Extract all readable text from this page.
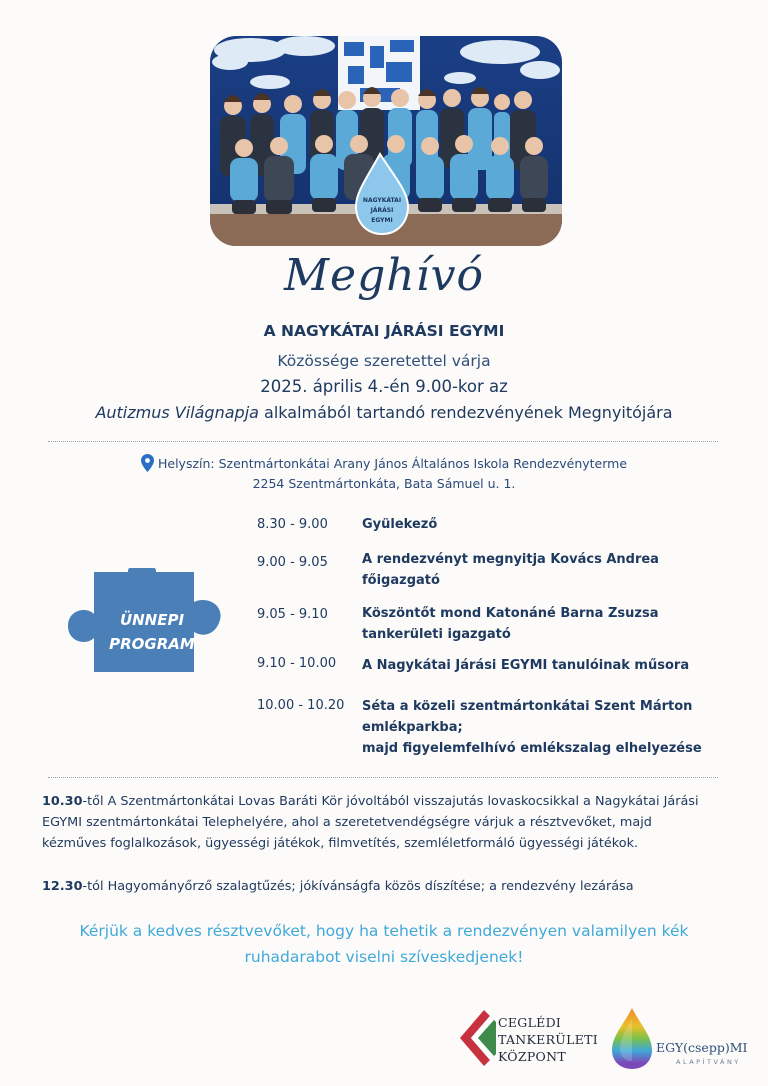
NAGYKÁTAI
JÁRÁSI
EGYMI
Meghívó
A NAGYKÁTAI JÁRÁSI EGYMI
Közössége szeretettel várja
2025. április 4.-én 9.00-kor az
Autizmus Világnapja alkalmából tartandó rendezvényének Megnyitójára
Helyszín: Szentmártonkátai Arany János Általános Iskola Rendezvényterme
2254 Szentmártonkáta, Bata Sámuel u. 1.
ÜNNEPI
PROGRAM
8.30 - 9.00	Gyülekező
9.00 - 9.05	A rendezvényt megnyitja Kovács Andrea
főigazgató
9.05 - 9.10	Köszöntőt mond Katonáné Barna Zsuzsa
tankerületi igazgató
9.10 - 10.00 A Nagykátai Járási EGYMI tanulóinak műsora
10.00 - 10.20 Séta a közeli szentmártonkátai Szent Márton
emlékparkba;
majd figyelemfelhívó emlékszalag elhelyezése
10.30-től A Szentmártonkátai Lovas Baráti Kör jóvoltából visszajutás lovaskocsikkal a Nagykátai Járási
EGYMI szentmártonkátai Telephelyére, ahol a szeretetvendégségre várjuk a résztvevőket, majd
kézműves foglalkozások, ügyességi játékok, filmvetítés, szemléletformáló ügyességi játékok.
12.30-tól Hagyományőrző szalagtűzés; jókívánságfa közös díszítése; a rendezvény lezárása
Kérjük a kedves résztvevőket, hogy ha tehetik a rendezvényen valamilyen kék
ruhadarabot viselni szíveskedjenek!
CEGLÉDI
TANKERÜLETI
KÖZPONT
EGY(csepp)MI
ALAPÍTVÁNY
